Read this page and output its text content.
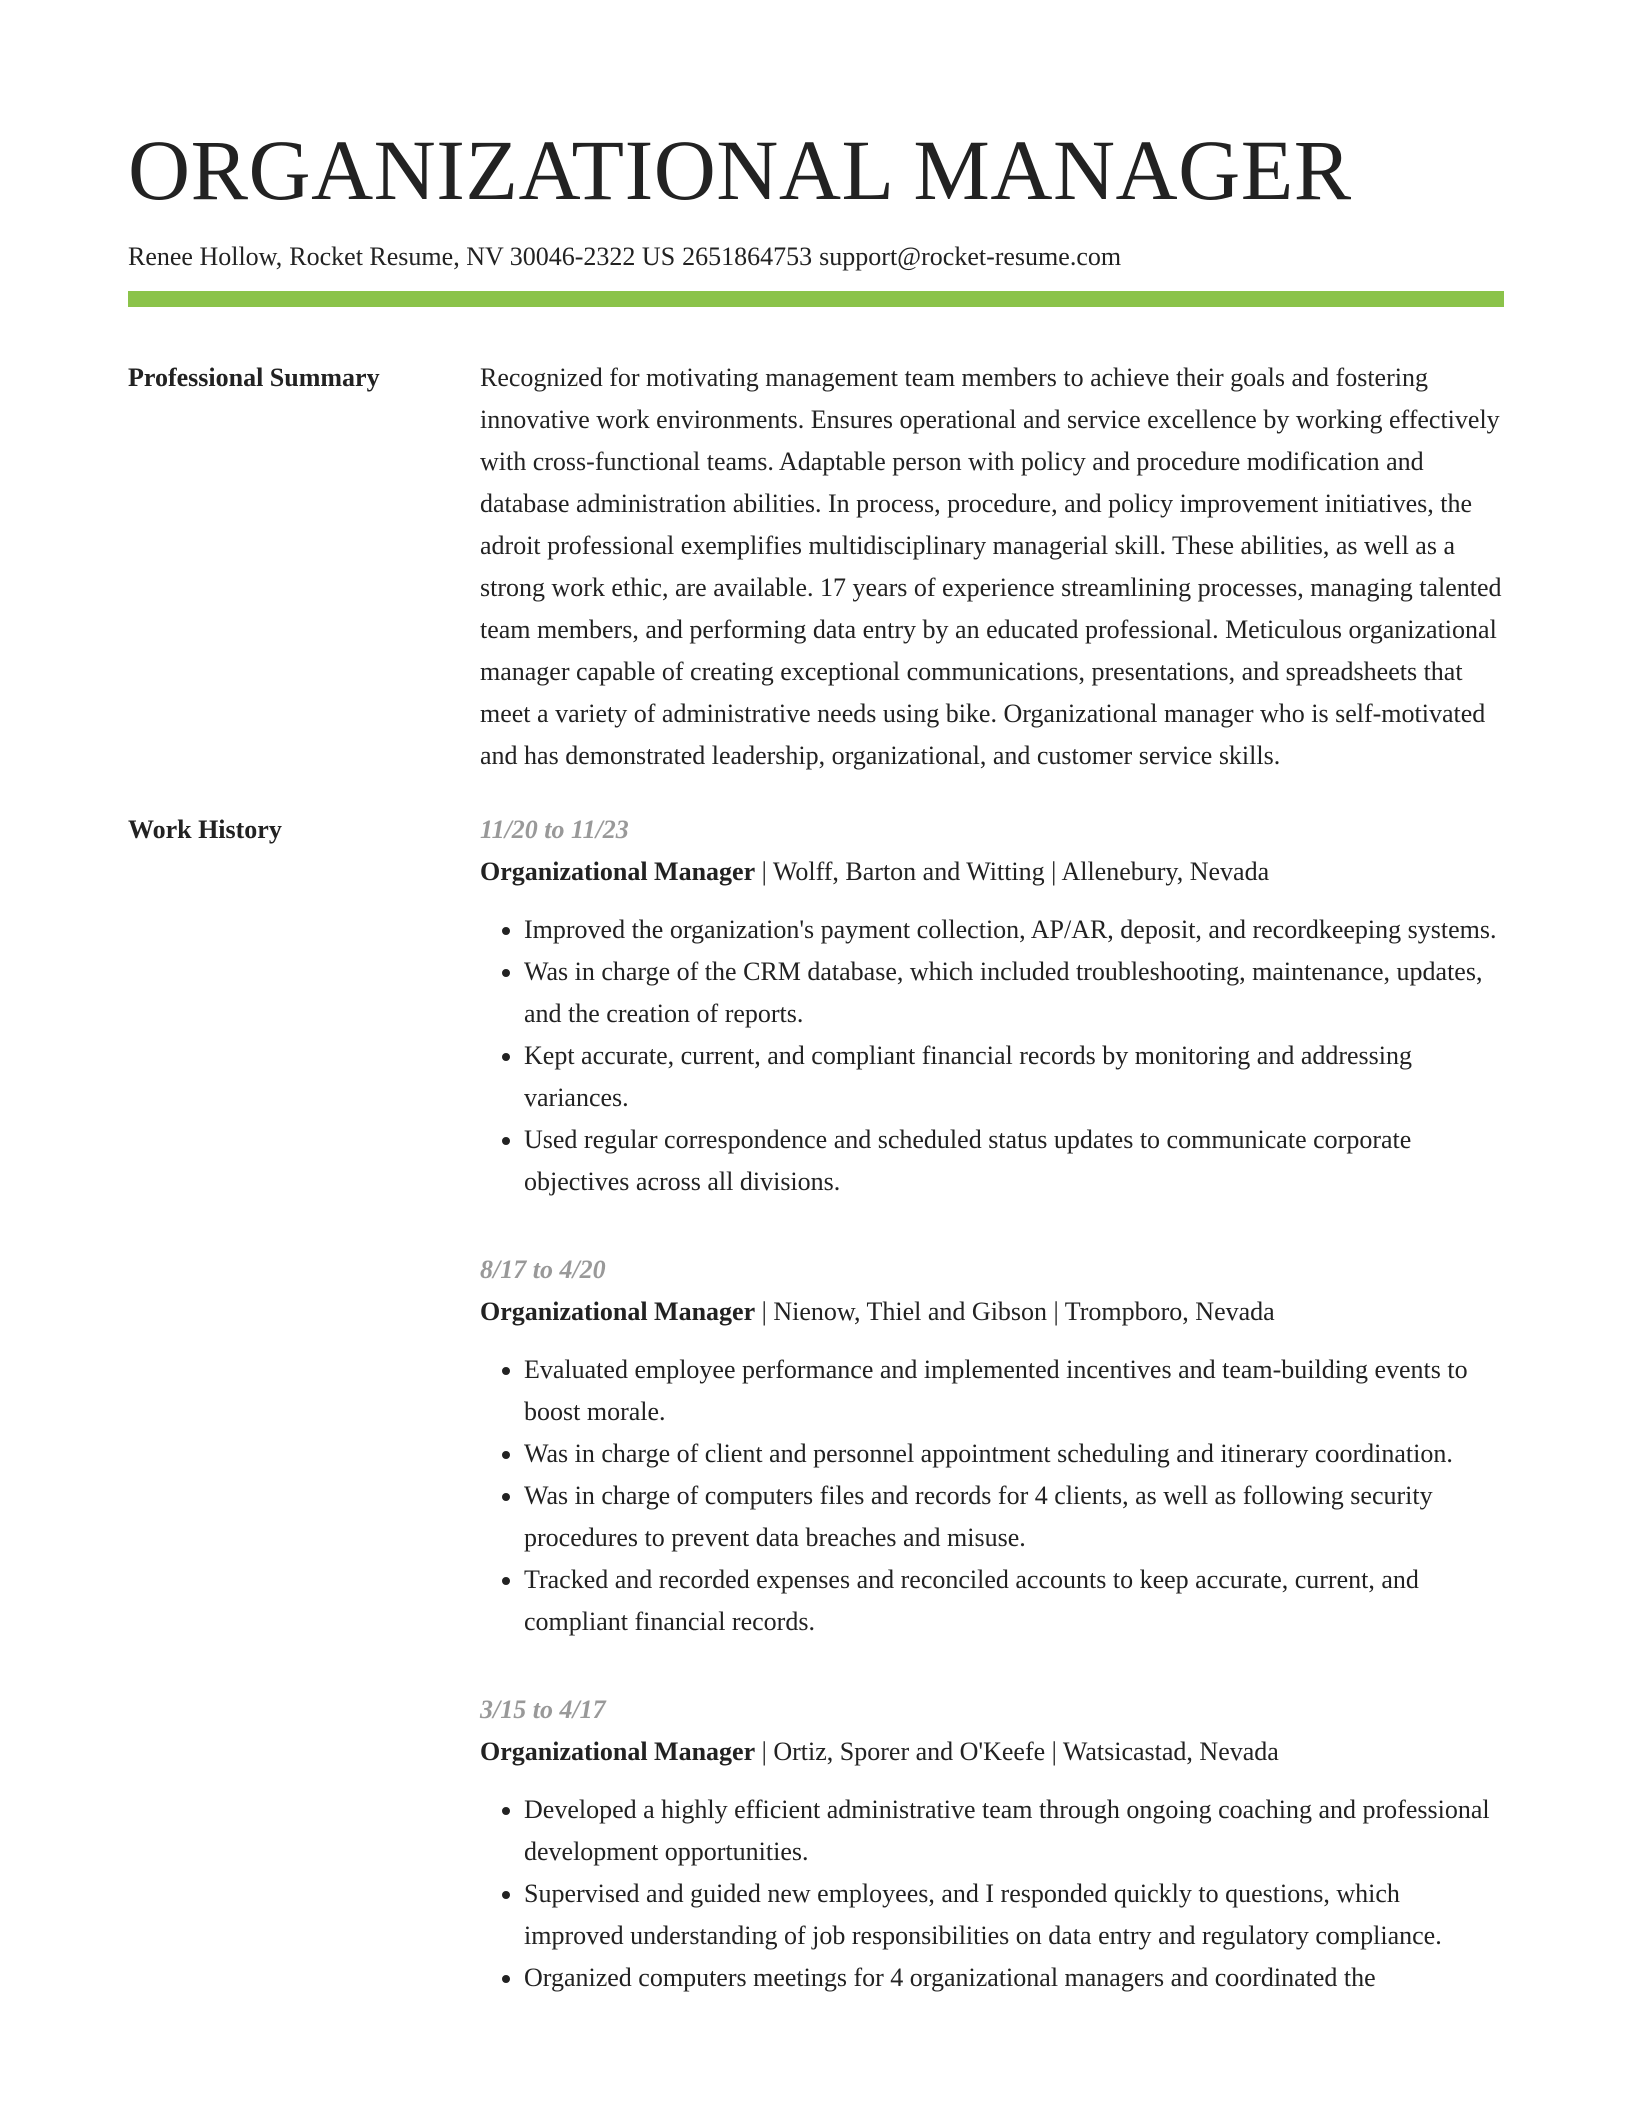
ORGANIZATIONAL MANAGER
Renee Hollow, Rocket Resume, NV 30046-2322 US 2651864753 support@rocket-resume.com
Professional Summary	Recognized for motivating management team members to achieve their goals and fostering innovative work environments. Ensures operational and service excellence by working effectively with cross-functional teams. Adaptable person with policy and procedure modification and database administration abilities. In process, procedure, and policy improvement initiatives, the adroit professional exemplifies multidisciplinary managerial skill. These abilities, as well as a strong work ethic, are available. 17 years of experience streamlining processes, managing talented team members, and performing data entry by an educated professional. Meticulous organizational manager capable of creating exceptional communications, presentations, and spreadsheets that meet a variety of administrative needs using bike. Organizational manager who is self-motivated and has demonstrated leadership, organizational, and customer service skills.

Work History	11/20 to 11/23
Organizational Manager | Wolff, Barton and Witting | Allenebury, Nevada
• Improved the organization's payment collection, AP/AR, deposit, and recordkeeping systems.
• Was in charge of the CRM database, which included troubleshooting, maintenance, updates, and the creation of reports.
• Kept accurate, current, and compliant financial records by monitoring and addressing variances.
• Used regular correspondence and scheduled status updates to communicate corporate objectives across all divisions.
8/17 to 4/20
Organizational Manager | Nienow, Thiel and Gibson | Trompboro, Nevada
• Evaluated employee performance and implemented incentives and team-building events to boost morale.
• Was in charge of client and personnel appointment scheduling and itinerary coordination.
• Was in charge of computers files and records for 4 clients, as well as following security procedures to prevent data breaches and misuse.
• Tracked and recorded expenses and reconciled accounts to keep accurate, current, and compliant financial records.
3/15 to 4/17
Organizational Manager | Ortiz, Sporer and O'Keefe | Watsicastad, Nevada
• Developed a highly efficient administrative team through ongoing coaching and professional development opportunities.
• Supervised and guided new employees, and I responded quickly to questions, which improved understanding of job responsibilities on data entry and regulatory compliance.
• Organized computers meetings for 4 organizational managers and coordinated the
